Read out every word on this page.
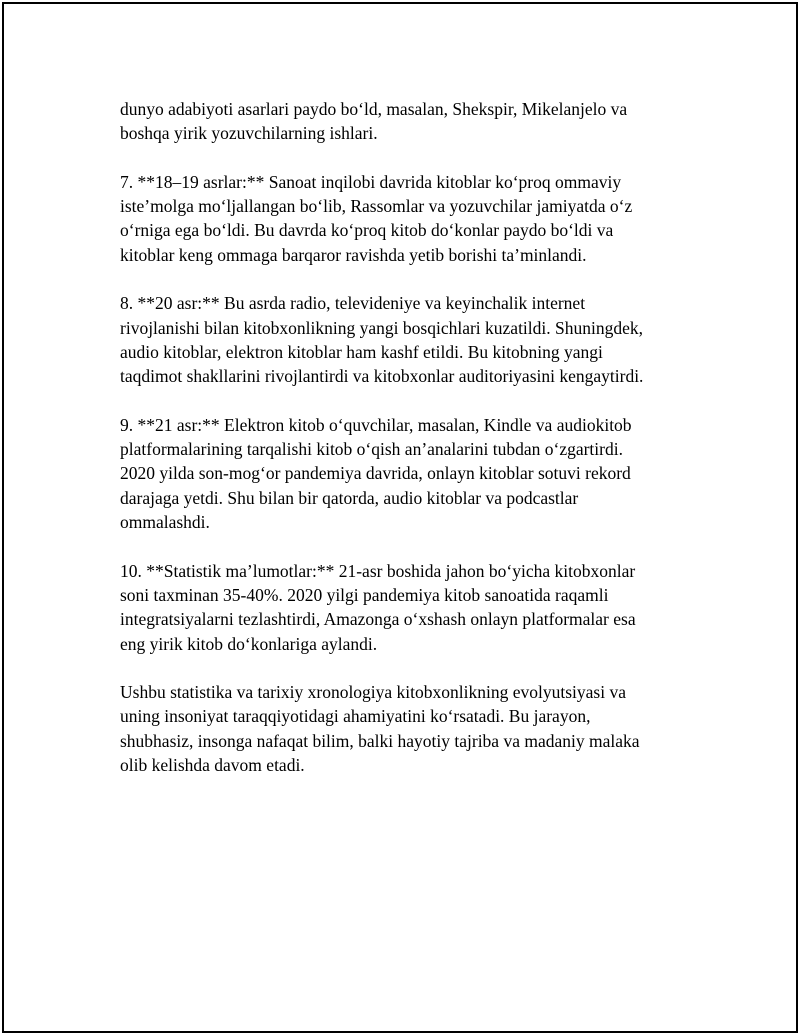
dunyo adabiyoti asarlari paydo bo‘ld, masalan, Shekspir, Mikelanjelo va
boshqa yirik yozuvchilarning ishlari.

7. **18–19 asrlar:** Sanoat inqilobi davrida kitoblar ko‘proq ommaviy
iste’molga mo‘ljallangan bo‘lib, Rassomlar va yozuvchilar jamiyatda o‘z
o‘rniga ega bo‘ldi. Bu davrda ko‘proq kitob do‘konlar paydo bo‘ldi va
kitoblar keng ommaga barqaror ravishda yetib borishi ta’minlandi.

8. **20 asr:** Bu asrda radio, televideniye va keyinchalik internet
rivojlanishi bilan kitobxonlikning yangi bosqichlari kuzatildi. Shuningdek,
audio kitoblar, elektron kitoblar ham kashf etildi. Bu kitobning yangi
taqdimot shakllarini rivojlantirdi va kitobxonlar auditoriyasini kengaytirdi.

9. **21 asr:** Elektron kitob o‘quvchilar, masalan, Kindle va audiokitob
platformalarining tarqalishi kitob o‘qish an’analarini tubdan o‘zgartirdi.
2020 yilda son-mog‘or pandemiya davrida, onlayn kitoblar sotuvi rekord
darajaga yetdi. Shu bilan bir qatorda, audio kitoblar va podcastlar
ommalashdi.

10. **Statistik ma’lumotlar:** 21-asr boshida jahon bo‘yicha kitobxonlar
soni taxminan 35-40%. 2020 yilgi pandemiya kitob sanoatida raqamli
integratsiyalarni tezlashtirdi, Amazonga o‘xshash onlayn platformalar esa
eng yirik kitob do‘konlariga aylandi.

Ushbu statistika va tarixiy xronologiya kitobxonlikning evolyutsiyasi va
uning insoniyat taraqqiyotidagi ahamiyatini ko‘rsatadi. Bu jarayon,
shubhasiz, insonga nafaqat bilim, balki hayotiy tajriba va madaniy malaka
olib kelishda davom etadi.
